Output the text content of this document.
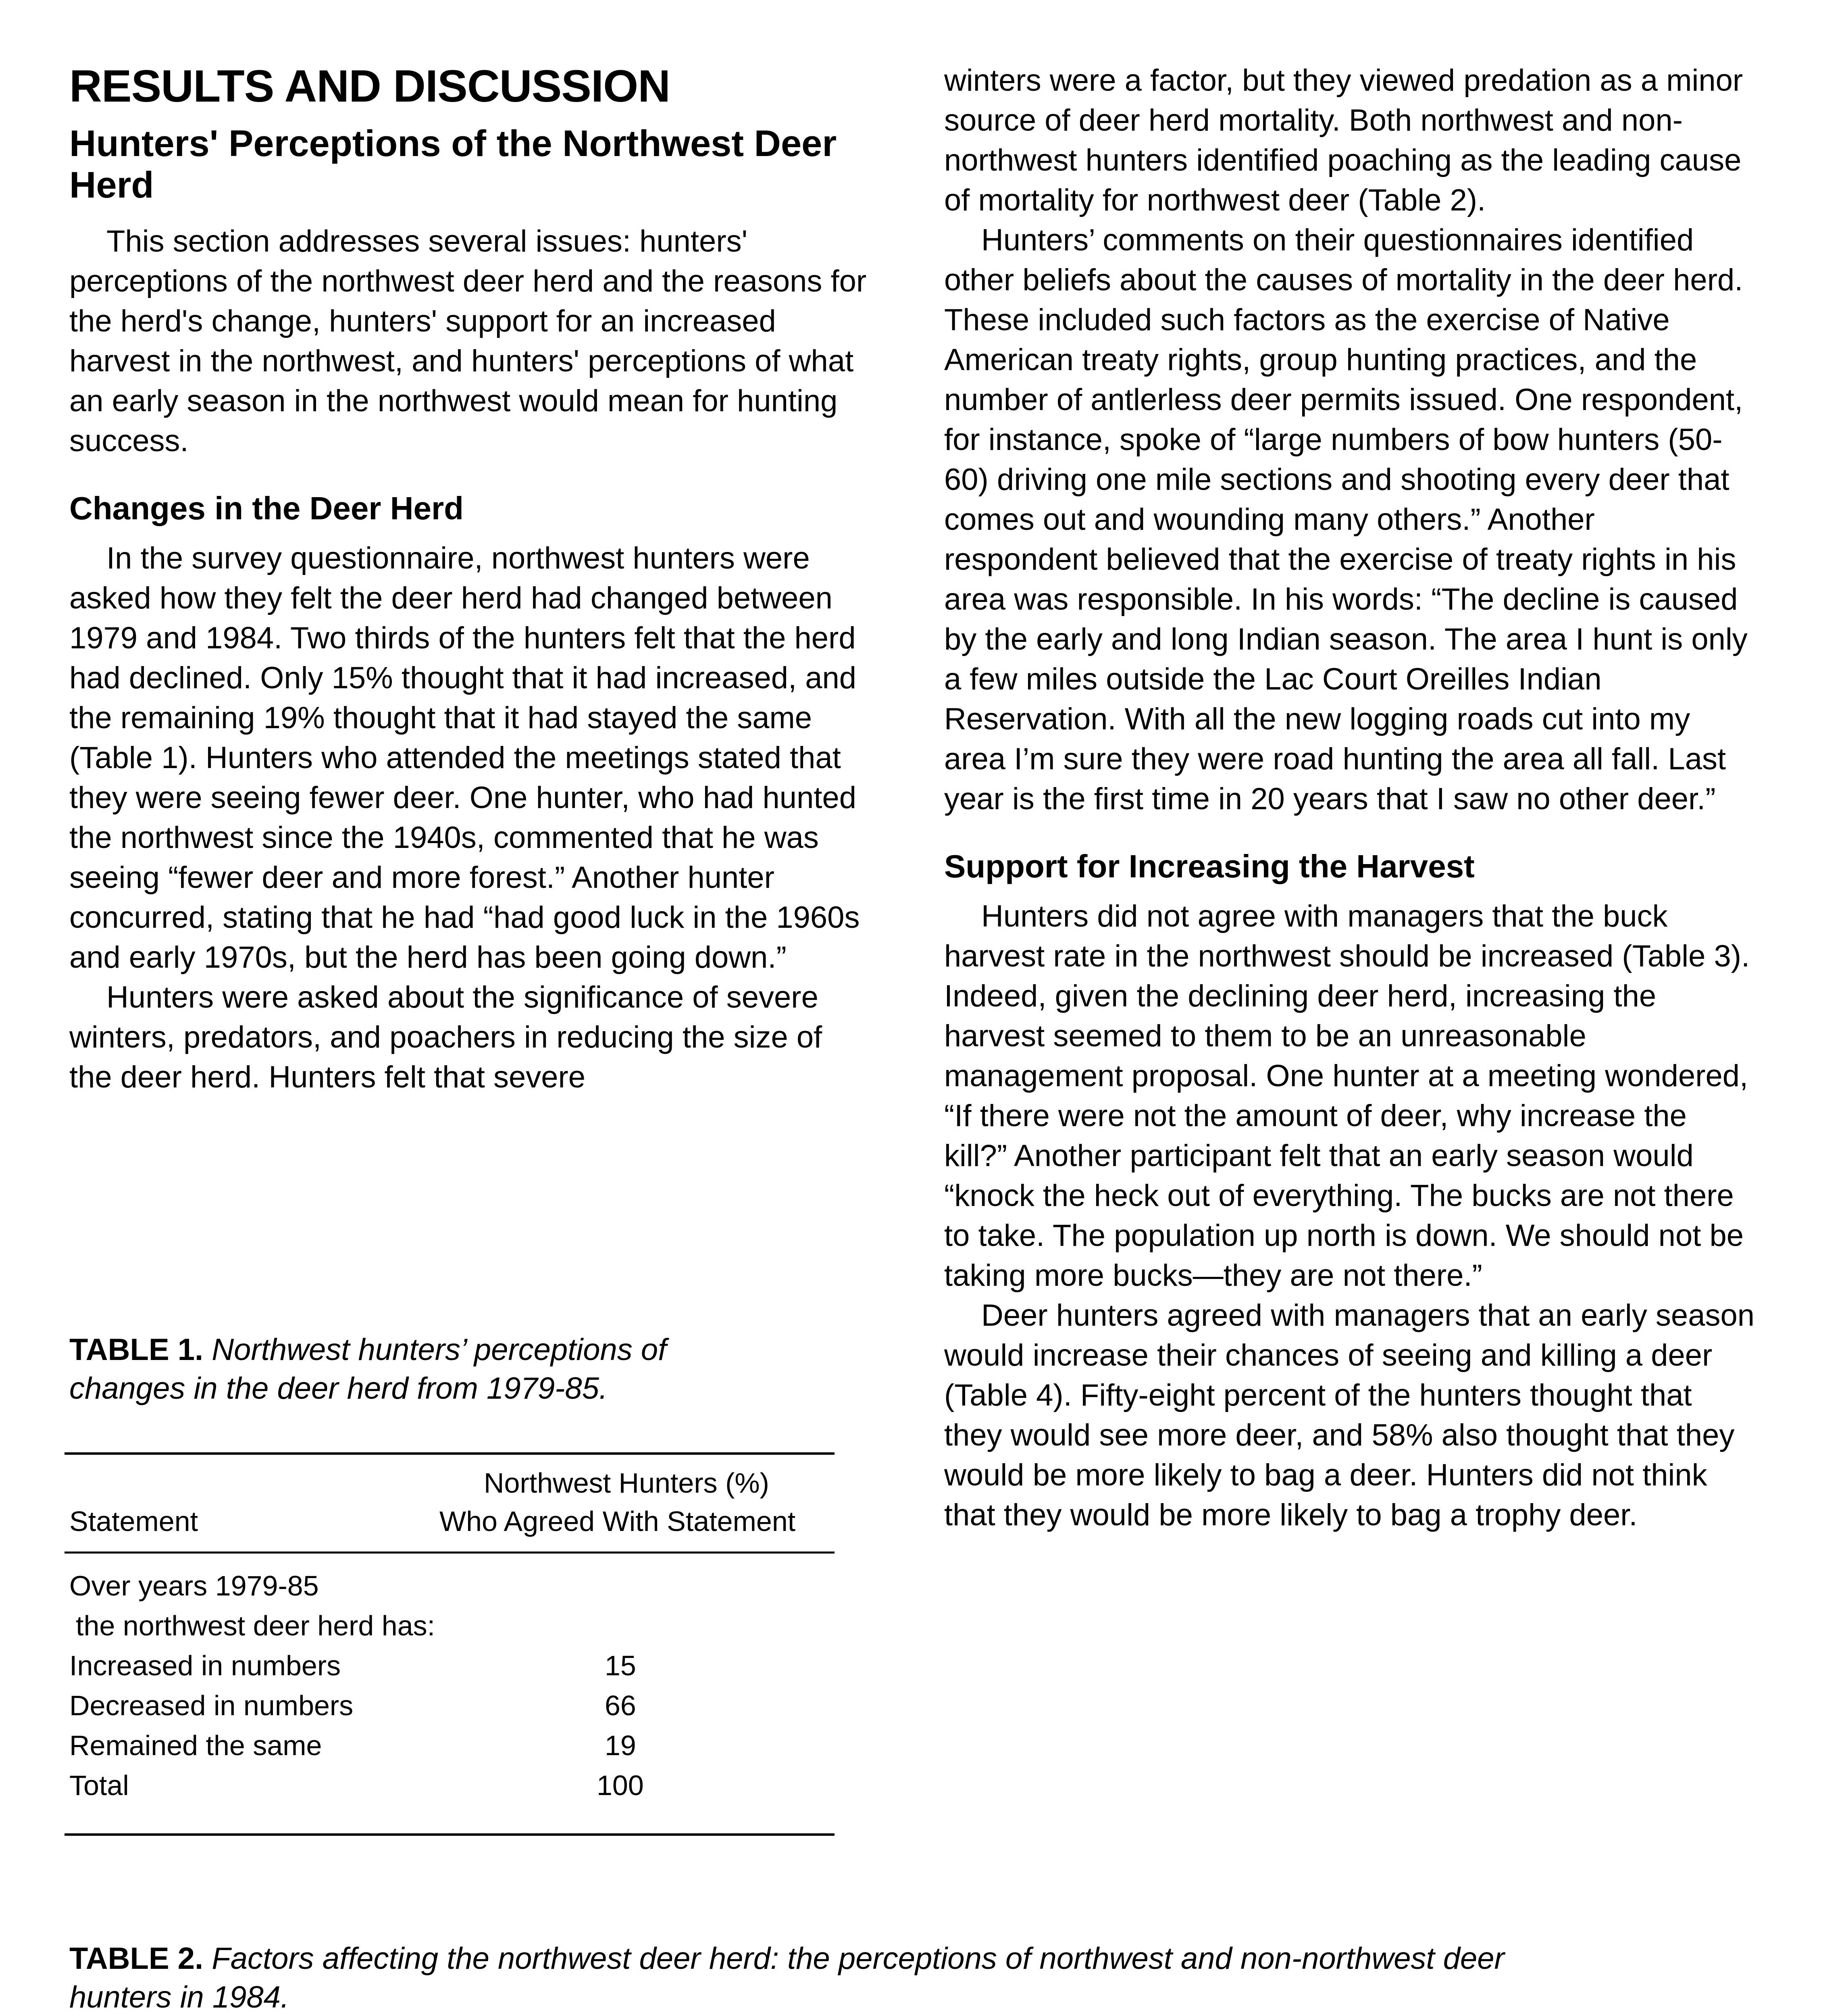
RESULTS AND DISCUSSION
Hunters' Perceptions of the Northwest Deer Herd

This section addresses several issues: hunters' perceptions of the northwest deer herd and the reasons for the herd's change, hunters' support for an increased harvest in the northwest, and hunters' perceptions of what an early season in the northwest would mean for hunting success.

Changes in the Deer Herd

In the survey questionnaire, northwest hunters were asked how they felt the deer herd had changed between 1979 and 1984. Two thirds of the hunters felt that the herd had declined. Only 15% thought that it had increased, and the remaining 19% thought that it had stayed the same (Table 1). Hunters who attended the meetings stated that they were seeing fewer deer. One hunter, who had hunted the northwest since the 1940s, commented that he was seeing “fewer deer and more forest.” Another hunter concurred, stating that he had “had good luck in the 1960s and early 1970s, but the herd has been going down.”

Hunters were asked about the significance of severe winters, predators, and poachers in reducing the size of the deer herd. Hunters felt that severe

winters were a factor, but they viewed predation as a minor source of deer herd mortality. Both northwest and non-northwest hunters identified poaching as the leading cause of mortality for northwest deer (Table 2).

Hunters’ comments on their questionnaires identified other beliefs about the causes of mortality in the deer herd. These included such factors as the exercise of Native American treaty rights, group hunting practices, and the number of antlerless deer permits issued. One respondent, for instance, spoke of “large numbers of bow hunters (50-60) driving one mile sections and shooting every deer that comes out and wounding many others.” Another respondent believed that the exercise of treaty rights in his area was responsible. In his words: “The decline is caused by the early and long Indian season. The area I hunt is only a few miles outside the Lac Court Oreilles Indian Reservation. With all the new logging roads cut into my area I’m sure they were road hunting the area all fall. Last year is the first time in 20 years that I saw no other deer.”

Support for Increasing the Harvest

Hunters did not agree with managers that the buck harvest rate in the northwest should be increased (Table 3). Indeed, given the declining deer herd, increasing the harvest seemed to them to be an unreasonable management proposal. One hunter at a meeting wondered, “If there were not the amount of deer, why increase the kill?” Another participant felt that an early season would “knock the heck out of everything. The bucks are not there to take. The population up north is down. We should not be taking more bucks—they are not there.”

Deer hunters agreed with managers that an early season would increase their chances of seeing and killing a deer (Table 4). Fifty-eight percent of the hunters thought that they would see more deer, and 58% also thought that they would be more likely to bag a deer. Hunters did not think that they would be more likely to bag a trophy deer.

TABLE 1. Northwest hunters’ perceptions of changes in the deer herd from 1979-85.

Northwest Hunters (%)
Who Agreed With Statement
Statement
Over years 1979-85
the northwest deer herd has:
Increased in numbers	15
Decreased in numbers	66
Remained the same	19
Total	100

TABLE 2. Factors affecting the northwest deer herd: the perceptions of northwest and non-northwest deer hunters in 1984.
